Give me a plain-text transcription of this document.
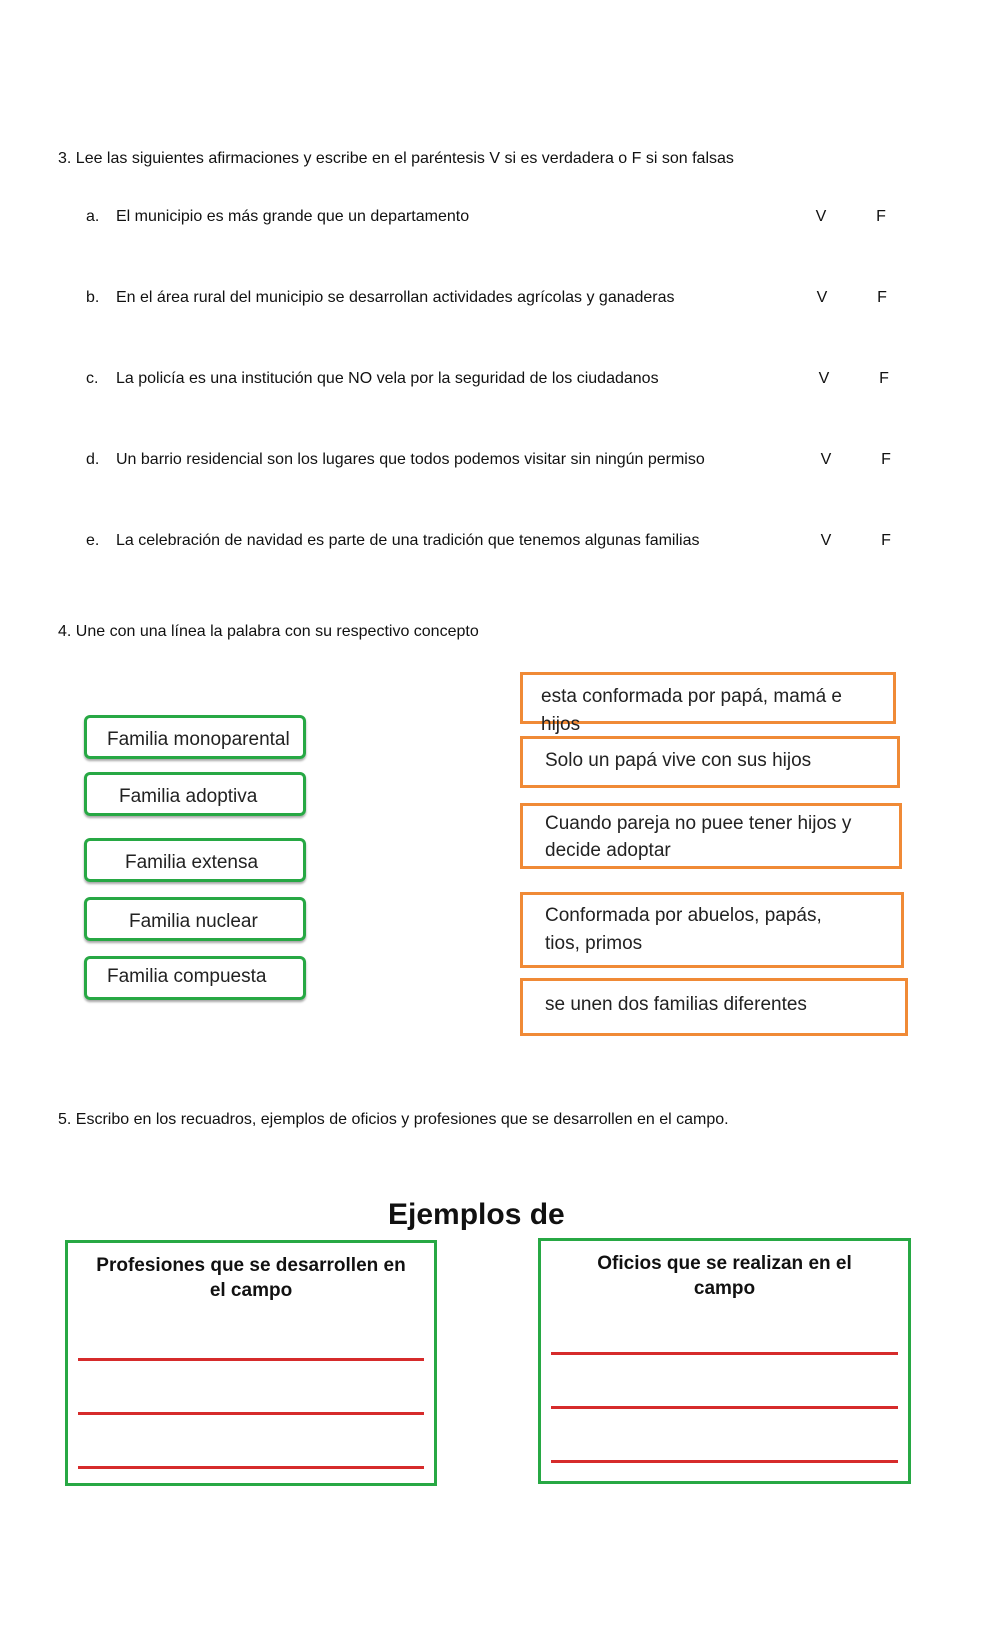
3. Lee las siguientes afirmaciones y escribe en el paréntesis V si es verdadera o F si son falsas
a.	El municipio es más grande que un departamento	V	F
b.	En el área rural del municipio se desarrollan actividades agrícolas y ganaderas	V	F
c.	La policía es una institución que NO vela por la seguridad de los ciudadanos	V	F
d.	Un barrio residencial son los lugares que todos podemos visitar sin ningún permiso	V	F
e.	La celebración de navidad es parte de una tradición que tenemos algunas familias	V	F
4. Une con una línea la palabra con su respectivo concepto
Familia monoparental
Familia adoptiva
Familia extensa
Familia nuclear
Familia compuesta
esta conformada por papá, mamá e hijos
Solo un papá vive con sus hijos
Cuando pareja no puee tener hijos y decide adoptar
Conformada por abuelos, papás, tios, primos
se unen dos familias diferentes
5. Escribo en los recuadros, ejemplos de oficios y profesiones que se desarrollen en el campo.
Ejemplos de
Profesiones que se desarrollen en el campo
Oficios que se realizan en el campo
